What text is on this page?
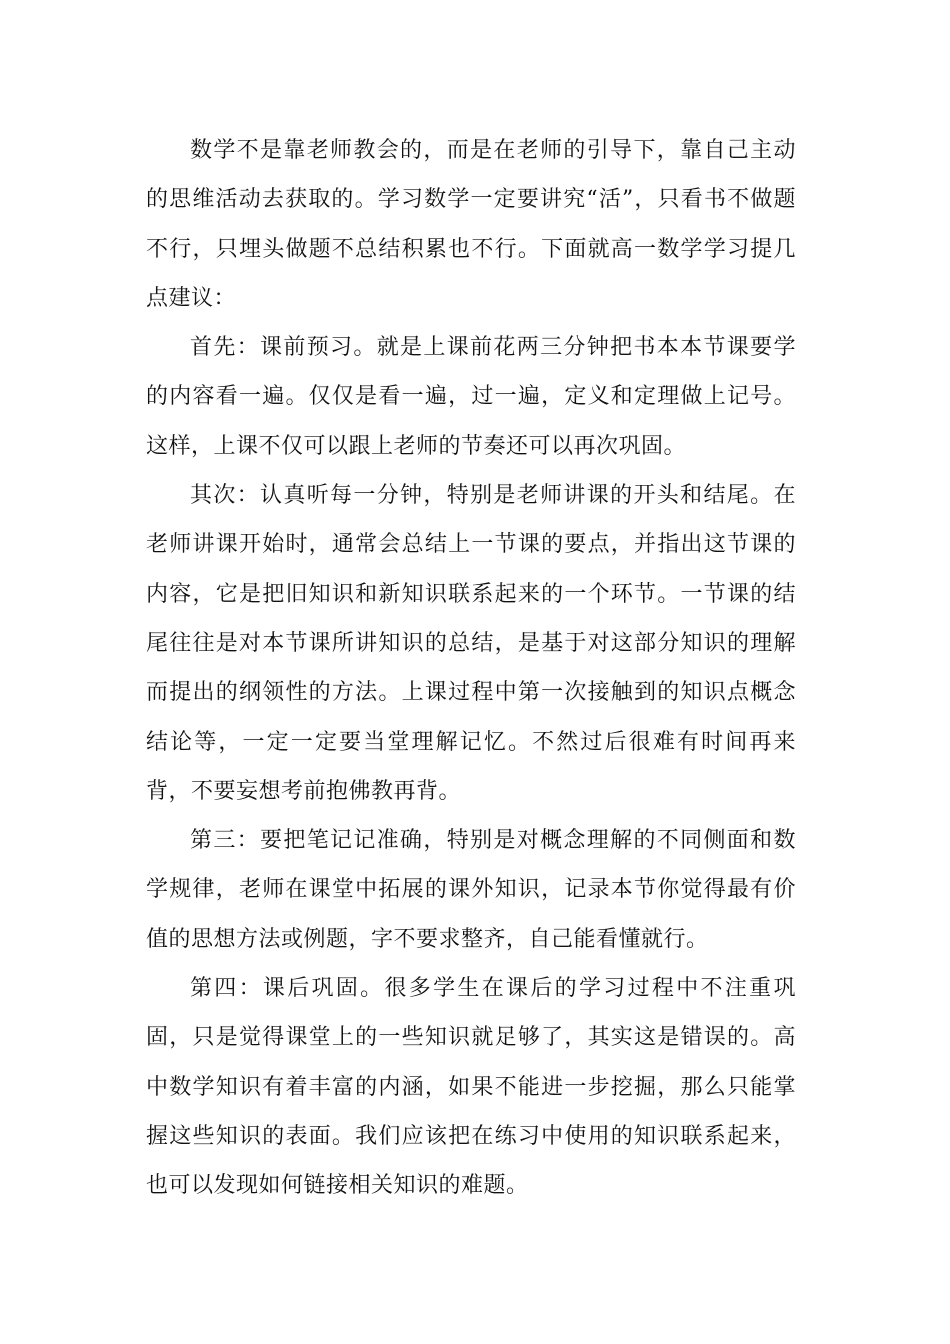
数学不是靠老师教会的，而是在老师的引导下，靠自己主动的思维活动去获取的。学习数学一定要讲究“活”，只看书不做题不行，只埋头做题不总结积累也不行。下面就高一数学学习提几点建议：

首先：课前预习。就是上课前花两三分钟把书本本节课要学的内容看一遍。仅仅是看一遍，过一遍，定义和定理做上记号。这样，上课不仅可以跟上老师的节奏还可以再次巩固。

其次：认真听每一分钟，特别是老师讲课的开头和结尾。在老师讲课开始时，通常会总结上一节课的要点，并指出这节课的内容，它是把旧知识和新知识联系起来的一个环节。一节课的结尾往往是对本节课所讲知识的总结，是基于对这部分知识的理解而提出的纲领性的方法。上课过程中第一次接触到的知识点概念结论等，一定一定要当堂理解记忆。不然过后很难有时间再来背，不要妄想考前抱佛教再背。

第三：要把笔记记准确，特别是对概念理解的不同侧面和数学规律，老师在课堂中拓展的课外知识，记录本节你觉得最有价值的思想方法或例题，字不要求整齐，自己能看懂就行。

第四：课后巩固。很多学生在课后的学习过程中不注重巩固，只是觉得课堂上的一些知识就足够了，其实这是错误的。高中数学知识有着丰富的内涵，如果不能进一步挖掘，那么只能掌握这些知识的表面。我们应该把在练习中使用的知识联系起来，也可以发现如何链接相关知识的难题。
